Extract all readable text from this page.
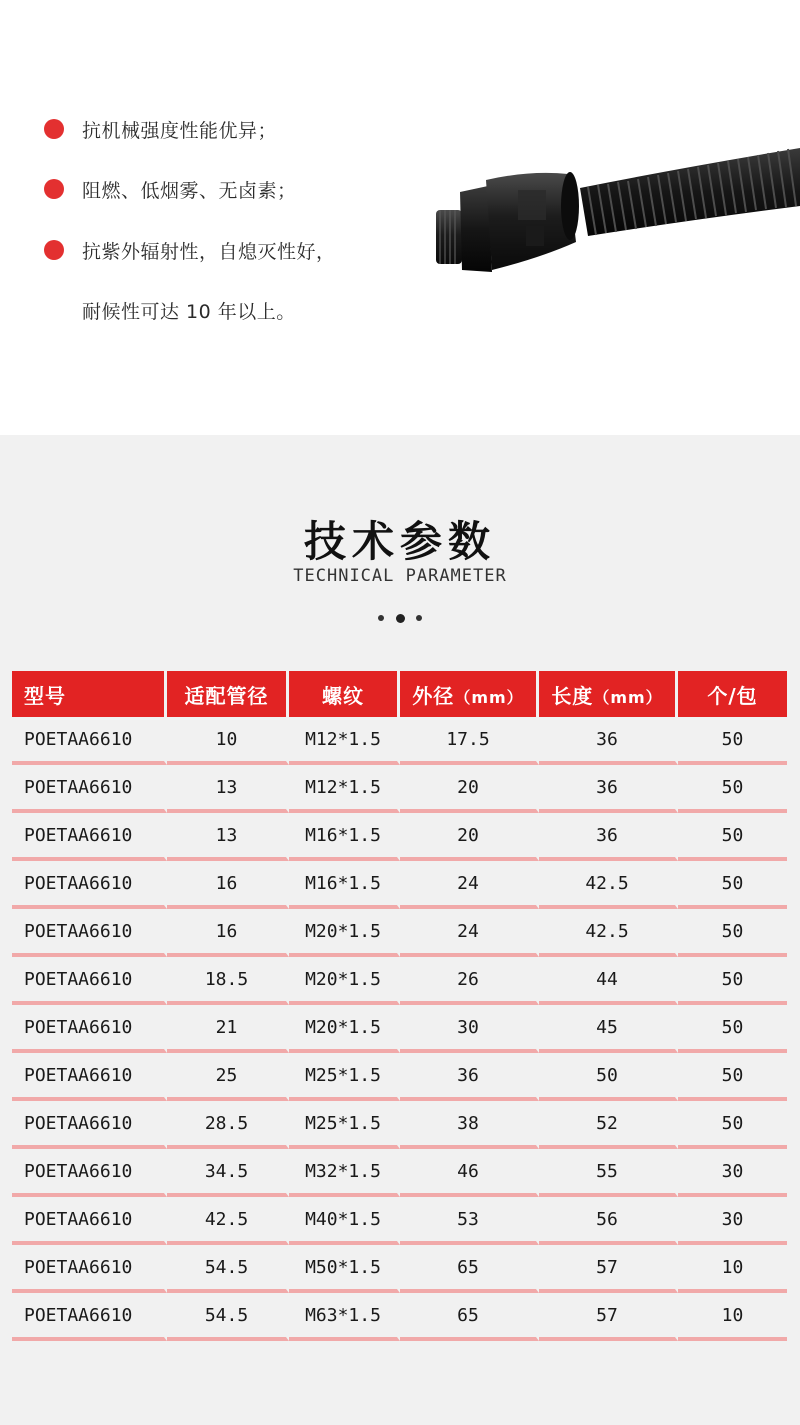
抗机械强度性能优异；
阻燃、低烟雾、无卤素；
抗紫外辐射性，自熄灭性好，
耐候性可达 10 年以上。
技术参数
TECHNICAL PARAMETER
型号	适配管径	螺纹	外径（mm）	长度（mm）	个/包
POETAA6610	10	M12*1.5	17.5	36	50
POETAA6610	13	M12*1.5	20	36	50
POETAA6610	13	M16*1.5	20	36	50
POETAA6610	16	M16*1.5	24	42.5	50
POETAA6610	16	M20*1.5	24	42.5	50
POETAA6610	18.5	M20*1.5	26	44	50
POETAA6610	21	M20*1.5	30	45	50
POETAA6610	25	M25*1.5	36	50	50
POETAA6610	28.5	M25*1.5	38	52	50
POETAA6610	34.5	M32*1.5	46	55	30
POETAA6610	42.5	M40*1.5	53	56	30
POETAA6610	54.5	M50*1.5	65	57	10
POETAA6610	54.5	M63*1.5	65	57	10
